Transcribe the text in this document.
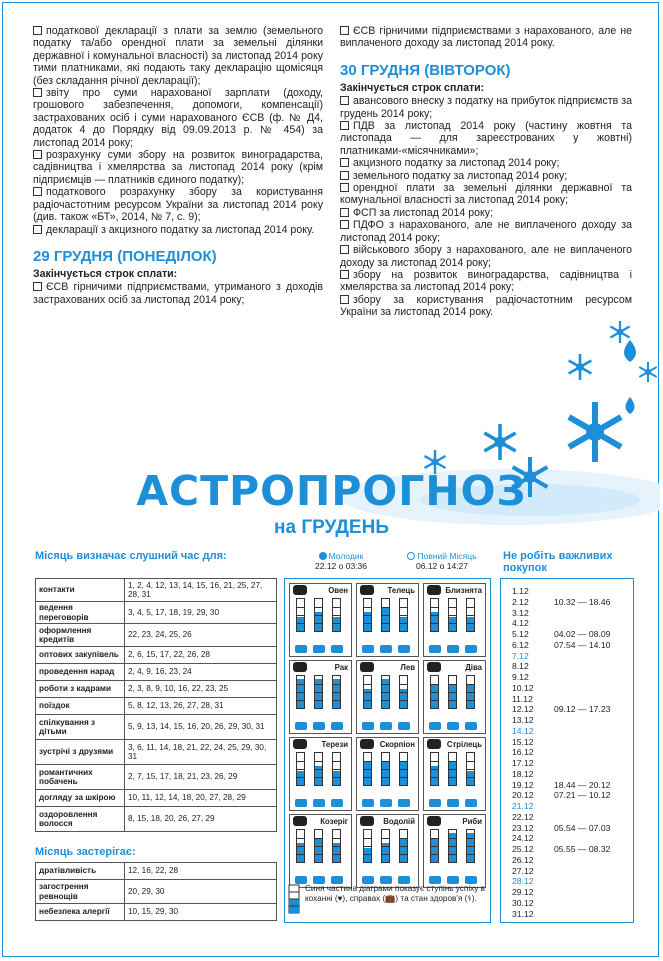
податкової декларації з плати за землю (земельного податку та/або орендної плати за земельні ділянки державної і комунальної власності) за листопад 2014 року тими платниками, які подають таку декларацію щомісяця (без складання річної декларації);
звіту про суми нарахованої зарплати (доходу, грошового забезпечення, допомоги, компенсації) застрахованих осіб і суми нарахованого ЄСВ (ф. № Д4, додаток 4 до Порядку від 09.09.2013 р. № 454) за листопад 2014 року;
розрахунку суми збору на розвиток виноградарства, садівництва і хмелярства за листопад 2014 року (крім підприємців — платників єдиного податку);
податкового розрахунку збору за користування радіочастотним ресурсом України за листопад 2014 року (див. також «БТ», 2014, № 7, с. 9);
декларації з акцизного податку за листопад 2014 року.
29 ГРУДНЯ (ПОНЕДІЛОК)
Закінчується строк сплати:
ЄСВ гірничими підприємствами, утриманого з доходів застрахованих осіб за листопад 2014 року;
ЄСВ гірничими підприємствами з нарахованого, але не виплаченого доходу за листопад 2014 року.
30 ГРУДНЯ (ВІВТОРОК)
Закінчується строк сплати:
авансового внеску з податку на прибуток підприємств за грудень 2014 року;
ПДВ за листопад 2014 року (частину жовтня та листопада — для зареєстрованих у жовтні) платниками-«місячниками»;
акцизного податку за листопад 2014 року;
земельного податку за листопад 2014 року;
орендної плати за земельні ділянки державної та комунальної власності за листопад 2014 року;
ФСП за листопад 2014 року;
ПДФО з нарахованого, але не виплаченого доходу за листопад 2014 року;
військового збору з нарахованого, але не виплаченого доходу за листопад 2014 року;
збору на розвиток виноградарства, садівництва і хмелярства за листопад 2014 року;
збору за користування радіочастотним ресурсом України за листопад 2014 року.
АСТРОПРОГНОЗ
на ГРУДЕНЬ
Місяць визначає слушний час для:
контакти	1, 2, 4, 12, 13, 14, 15, 16, 21, 25, 27, 28, 31
ведення переговорів	3, 4, 5, 17, 18, 19, 29, 30
оформлення кредитів	22, 23, 24, 25, 26
оптових закупівель	2, 6, 15, 17, 22, 26, 28
проведення нарад	2, 4, 9, 16, 23, 24
роботи з кадрами	2, 3, 8, 9, 10, 16, 22, 23, 25
поїздок	5, 8, 12, 13, 26, 27, 28, 31
спілкування з дітьми	5, 9, 13, 14, 15, 16, 20, 26, 29, 30, 31
зустрічі з друзями	3, 6, 11, 14, 18, 21, 22, 24, 25, 29, 30, 31
романтичних побачень	2, 7, 15, 17, 18, 21, 23, 26, 29
догляду за шкірою	10, 11, 12, 14, 18, 20, 27, 28, 29
оздоровлення волосся	8, 15, 18, 20, 26, 27, 29
Місяць застерігає:
дратівливість	12, 16, 22, 28
загострення ревнощів	20, 29, 30
небезпека алергії	10, 15, 29, 30
Молодик
22.12 о 03:36
Повний Місяць
06.12 о 14:27
Овен	Телець	Близнята
Рак	Лев	Діва
Терези	Скорпіон	Стрілець
Козеріг	Водолій	Риби
Синя частина діаграми показує ступінь успіху в коханні (♥), справах (💼) та стан здоров'я (⚕).
Не робіть важливих покупок
1.12
2.12	10.32 — 18.46
3.12
4.12
5.12	04.02 — 08.09
6.12	07.54 — 14.10
7.12
8.12
9.12
10.12
11.12
12.12 09.12 — 17.23
13.12
14.12
15.12
16.12
17.12
18.12
19.12 18.44 — 20.12
20.12 07.21 — 10.12
21.12
22.12
23.12 05.54 — 07.03
24.12
25.12 05.55 — 08.32
26.12
27.12
28.12
29.12
30.12
31.12
